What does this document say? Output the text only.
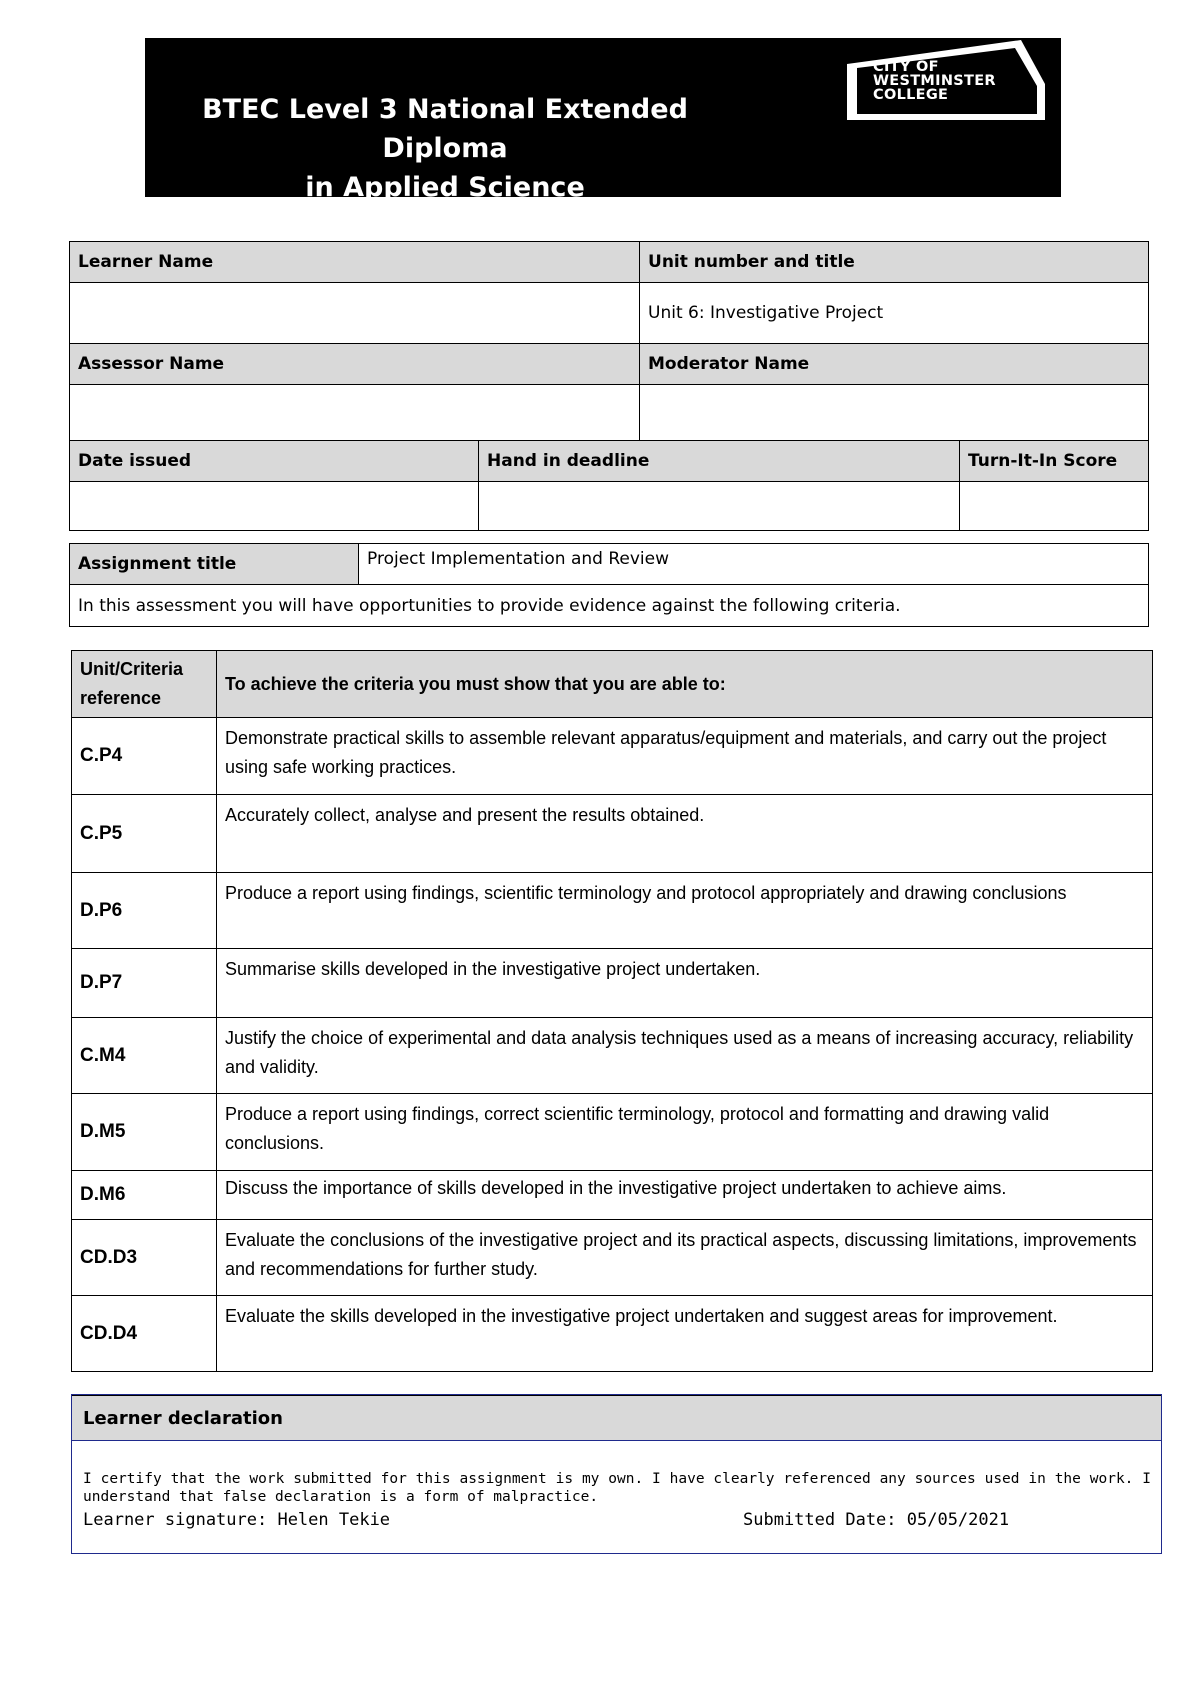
BTEC Level 3 National Extended Diploma
in Applied Science
CITY OF
WESTMINSTER
COLLEGE
Learner Name		Unit number and title	
		Unit 6: Investigative Project	
Assessor Name		Moderator Name	

Date issued	Hand in deadline		Turn-It-In Score

Assignment title	Project Implementation and Review
In this assessment you will have opportunities to provide evidence against the following criteria.
Unit/Criteria reference	To achieve the criteria you must show that you are able to:
C.P4	Demonstrate practical skills to assemble relevant apparatus/equipment and materials, and carry out the project using safe working practices.
C.P5	Accurately collect, analyse and present the results obtained.
D.P6	Produce a report using findings, scientific terminology and protocol appropriately and drawing conclusions
D.P7	Summarise skills developed in the investigative project undertaken.
C.M4	Justify the choice of experimental and data analysis techniques used as a means of increasing accuracy, reliability and validity.
D.M5	Produce a report using findings, correct scientific terminology, protocol and formatting and drawing valid conclusions.
D.M6	Discuss the importance of skills developed in the investigative project undertaken to achieve aims.
CD.D3	Evaluate the conclusions of the investigative project and its practical aspects, discussing limitations, improvements and recommendations for further study.
CD.D4	Evaluate the skills developed in the investigative project undertaken and suggest areas for improvement.
Learner declaration
I certify that the work submitted for this assignment is my own. I have clearly referenced any sources used in the work. I understand that false declaration is a form of malpractice.
Learner signature: Helen Tekie	Submitted Date: 05/05/2021
